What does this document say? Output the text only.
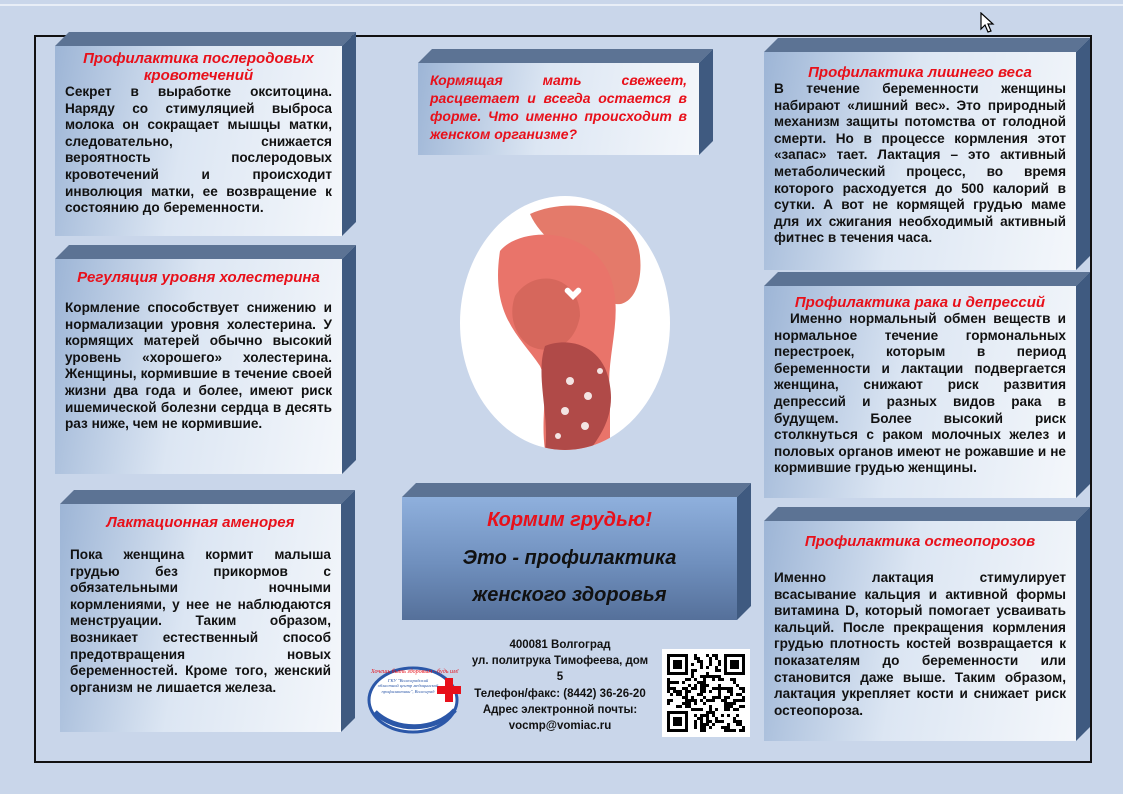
Профилактика послеродовых кровотечений
Секрет в выработке окситоцина. Наряду со стимуляцией выброса молока он сокращает мышцы матки, следовательно, снижается вероятность послеродовых кровотечений и происходит инволюция матки, ее возвращение к состоянию до беременности.
Регуляция уровня холестерина
Кормление способствует снижению и нормализации уровня холестерина. У кормящих матерей обычно высокий уровень «хорошего» холестерина. Женщины, кормившие в течение своей жизни два года и более, имеют риск ишемической болезни сердца в десять раз ниже, чем не кормившие.
Лактационная аменорея
Пока женщина кормит малыша грудью без прикормов с обязательными ночными кормлениями, у нее не наблюдаются менструации. Таким образом, возникает естественный способ предотвращения новых беременностей. Кроме того, женский организм не лишается железа.
Кормящая мать свежеет, расцветает и всегда остается в форме. Что именно происходит в женском организме?
Кормим грудью!
Это - профилактика
женского здоровья
Хочешь быть здоровым - будь им!
ГКУ "Волгоградский областной центр медицинской профилактики", Волгоград
400081 Волгоград
ул. политрука Тимофеева, дом 5
Телефон/факс: (8442) 36-26-20
Адрес электронной почты:
vocmp@vomiac.ru
Профилактика лишнего веса
В течение беременности женщины набирают «лишний вес». Это природный механизм защиты потомства от голодной смерти. Но в процессе кормления этот «запас» тает. Лактация – это активный метаболический процесс, во время которого расходуется до 500 калорий в сутки. А вот не кормящей грудью маме для их сжигания необходимый активный фитнес в течения часа.
Профилактика рака и депрессий
Именно нормальный обмен веществ и нормальное течение гормональных перестроек, которым в период беременности и лактации подвергается женщина, снижают риск развития депрессий и разных видов рака в будущем. Более высокий риск столкнуться с раком молочных желез и половых органов имеют не рожавшие и не кормившие грудью женщины.
Профилактика остеопорозов
Именно лактация стимулирует всасывание кальция и активной формы витамина D, который помогает усваивать кальций. После прекращения кормления грудью плотность костей возвращается к показателям до беременности или становится даже выше. Таким образом, лактация укрепляет кости и снижает риск остеопороза.
